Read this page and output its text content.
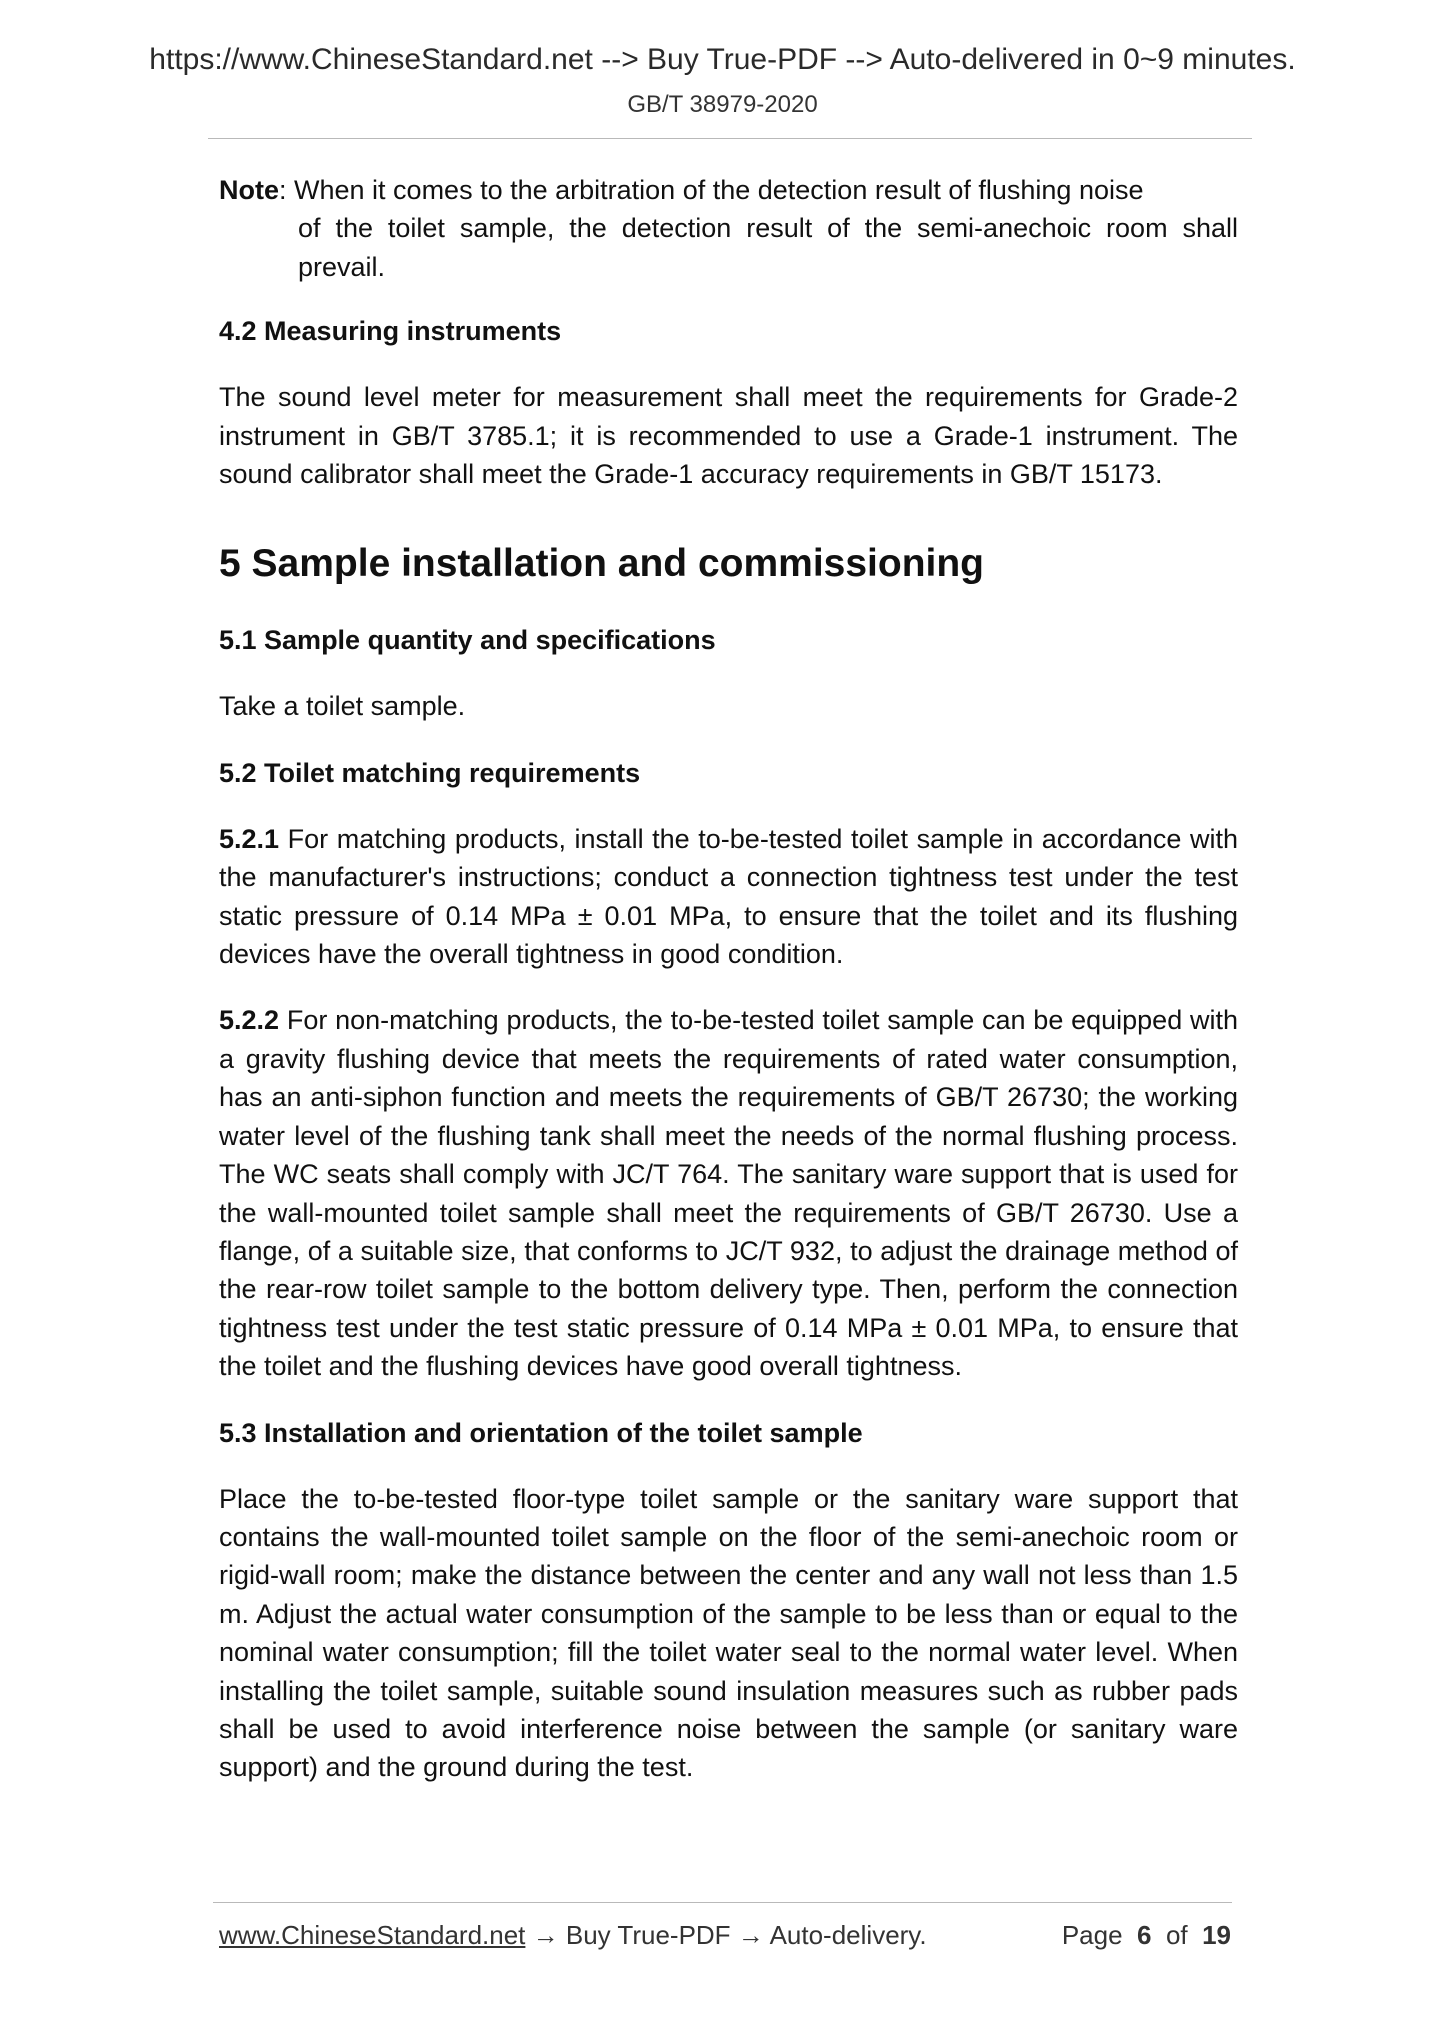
https://www.ChineseStandard.net --> Buy True-PDF --> Auto-delivered in 0~9 minutes.
GB/T 38979-2020
Note: When it comes to the arbitration of the detection result of flushing noise
of the toilet sample, the detection result of the semi-anechoic room shall prevail.
4.2 Measuring instruments

The sound level meter for measurement shall meet the requirements for Grade-2 instrument in GB/T 3785.1; it is recommended to use a Grade-1 instrument. The sound calibrator shall meet the Grade-1 accuracy requirements in GB/T 15173.

5 Sample installation and commissioning
5.1 Sample quantity and specifications

Take a toilet sample.

5.2 Toilet matching requirements

5.2.1 For matching products, install the to-be-tested toilet sample in accordance with the manufacturer's instructions; conduct a connection tightness test under the test static pressure of 0.14 MPa ± 0.01 MPa, to ensure that the toilet and its flushing devices have the overall tightness in good condition.

5.2.2 For non-matching products, the to-be-tested toilet sample can be equipped with a gravity flushing device that meets the requirements of rated water consumption, has an anti-siphon function and meets the requirements of GB/T 26730; the working water level of the flushing tank shall meet the needs of the normal flushing process. The WC seats shall comply with JC/T 764. The sanitary ware support that is used for the wall-mounted toilet sample shall meet the requirements of GB/T 26730. Use a flange, of a suitable size, that conforms to JC/T 932, to adjust the drainage method of the rear-row toilet sample to the bottom delivery type. Then, perform the connection tightness test under the test static pressure of 0.14 MPa ± 0.01 MPa, to ensure that the toilet and the flushing devices have good overall tightness.

5.3 Installation and orientation of the toilet sample

Place the to-be-tested floor-type toilet sample or the sanitary ware support that contains the wall-mounted toilet sample on the floor of the semi-anechoic room or rigid-wall room; make the distance between the center and any wall not less than 1.5 m. Adjust the actual water consumption of the sample to be less than or equal to the nominal water consumption; fill the toilet water seal to the normal water level. When installing the toilet sample, suitable sound insulation measures such as rubber pads shall be used to avoid interference noise between the sample (or sanitary ware support) and the ground during the test.

www.ChineseStandard.net → Buy True-PDF → Auto-delivery.	Page 6 of 19
